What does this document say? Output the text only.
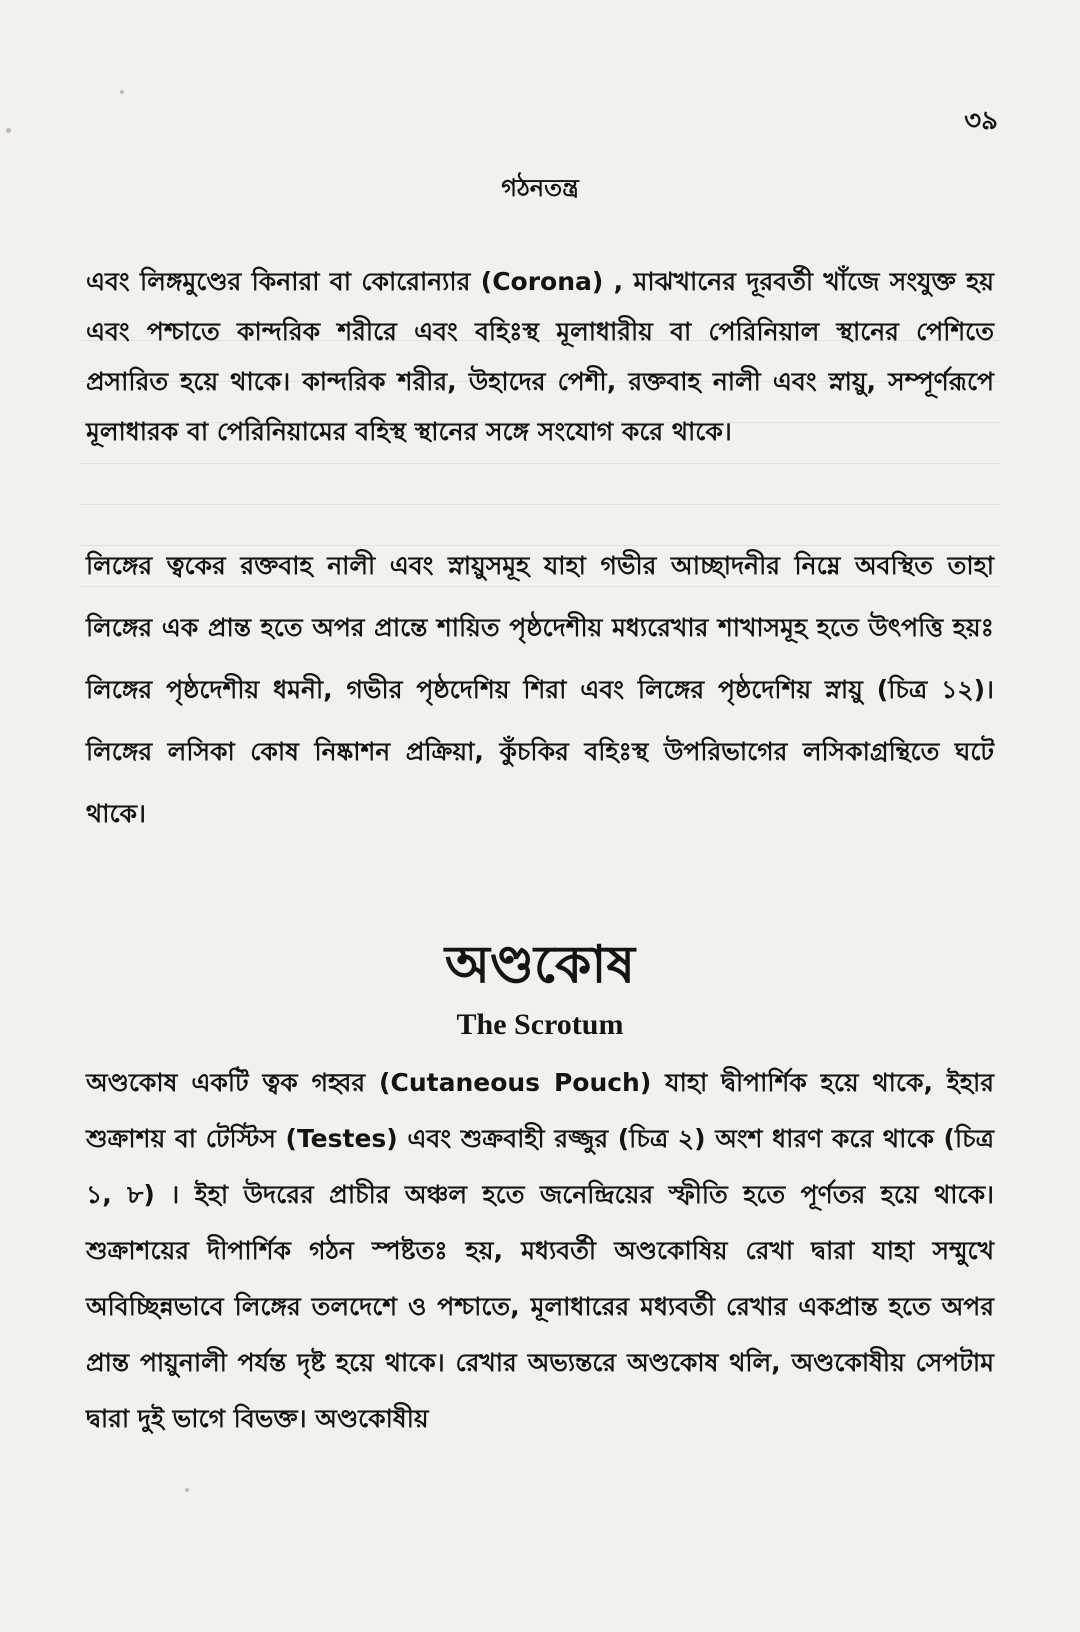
৩৯
গঠনতন্ত্র

এবং লিঙ্গমুণ্ডের কিনারা বা কোরোন্যার (Corona) , মাঝখানের দূরবর্তী খাঁজে সংযুক্ত হয় এবং পশ্চাতে কান্দরিক শরীরে এবং বহিঃস্থ মূলাধারীয় বা পেরিনিয়াল স্থানের পেশিতে প্রসারিত হয়ে থাকে। কান্দরিক শরীর, উহাদের পেশী, রক্তবাহ নালী এবং স্নায়ু, সম্পূর্ণরূপে মূলাধারক বা পেরিনিয়ামের বহিস্থ স্থানের সঙ্গে সংযোগ করে থাকে।

লিঙ্গের ত্বকের রক্তবাহ নালী এবং স্নায়ুসমূহ যাহা গভীর আচ্ছাদনীর নিম্নে অবস্থিত তাহা লিঙ্গের এক প্রান্ত হতে অপর প্রান্তে শায়িত পৃষ্ঠদেশীয় মধ্যরেখার শাখাসমূহ হতে উৎপত্তি হয়ঃ লিঙ্গের পৃষ্ঠদেশীয় ধমনী, গভীর পৃষ্ঠদেশিয় শিরা এবং লিঙ্গের পৃষ্ঠদেশিয় স্নায়ু (চিত্র ১২)। লিঙ্গের লসিকা কোষ নিষ্কাশন প্রক্রিয়া, কুঁচকির বহিঃস্থ উপরিভাগের লসিকাগ্রন্থিতে ঘটে থাকে।

অণ্ডকোষ
The Scrotum

অণ্ডকোষ একটি ত্বক গহ্বর (Cutaneous Pouch) যাহা দ্বীপার্শিক হয়ে থাকে, ইহার শুক্রাশয় বা টেস্টিস (Testes) এবং শুক্রবাহী রজ্জুর (চিত্র ২) অংশ ধারণ করে থাকে (চিত্র ১, ৮) । ইহা উদরের প্রাচীর অঞ্চল হতে জনেন্দ্রিয়ের স্ফীতি হতে পূর্ণতর হয়ে থাকে। শুক্রাশয়ের দীপার্শিক গঠন স্পষ্টতঃ হয়, মধ্যবর্তী অণ্ডকোষিয় রেখা দ্বারা যাহা সম্মুখে অবিচ্ছিন্নভাবে লিঙ্গের তলদেশে ও পশ্চাতে, মূলাধারের মধ্যবর্তী রেখার একপ্রান্ত হতে অপর প্রান্ত পায়ুনালী পর্যন্ত দৃষ্ট হয়ে থাকে। রেখার অভ্যন্তরে অণ্ডকোষ থলি, অণ্ডকোষীয় সেপটাম দ্বারা দুই ভাগে বিভক্ত। অণ্ডকোষীয়
